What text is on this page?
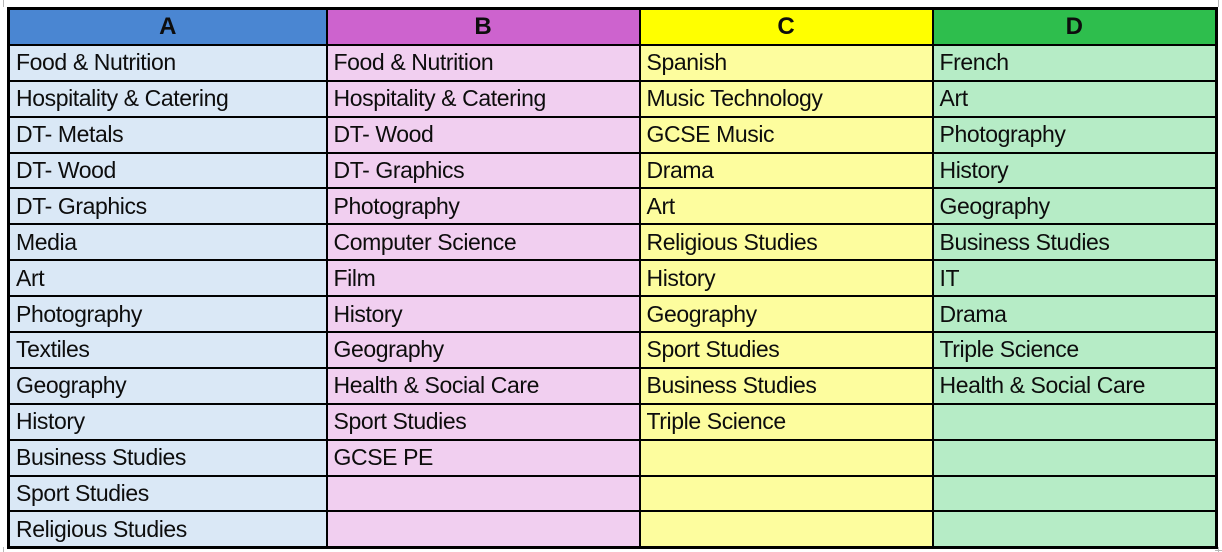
A	B	C	D
Food & Nutrition	Food & Nutrition	Spanish	French
Hospitality & Catering	Hospitality & Catering	Music Technology	Art
DT- Metals	DT- Wood	GCSE Music	Photography
DT- Wood	DT- Graphics	Drama	History
DT- Graphics	Photography	Art	Geography
Media	Computer Science	Religious Studies	Business Studies
Art	Film	History	IT
Photography	History	Geography	Drama
Textiles	Geography	Sport Studies	Triple Science
Geography	Health & Social Care	Business Studies	Health & Social Care
History	Sport Studies	Triple Science	
Business Studies	GCSE PE		
Sport Studies			
Religious Studies			
